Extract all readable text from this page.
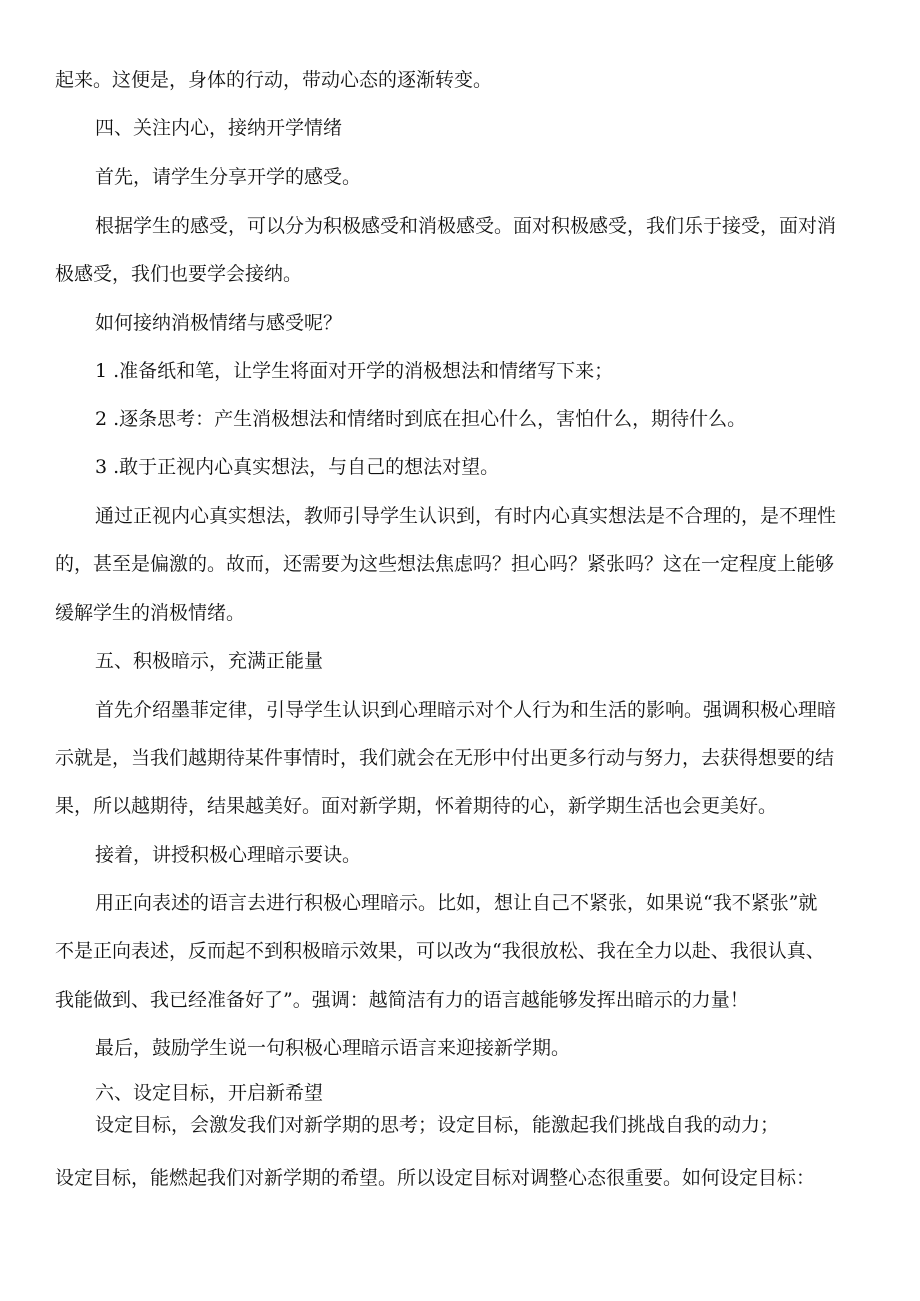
起来。这便是，身体的行动，带动心态的逐渐转变。

四、关注内心，接纳开学情绪

首先，请学生分享开学的感受。

根据学生的感受，可以分为积极感受和消极感受。面对积极感受，我们乐于接受，面对消

极感受，我们也要学会接纳。

如何接纳消极情绪与感受呢？

1 .准备纸和笔，让学生将面对开学的消极想法和情绪写下来；

2 .逐条思考：产生消极想法和情绪时到底在担心什么，害怕什么，期待什么。

3 .敢于正视内心真实想法，与自己的想法对望。

通过正视内心真实想法，教师引导学生认识到，有时内心真实想法是不合理的，是不理性

的，甚至是偏激的。故而，还需要为这些想法焦虑吗？担心吗？紧张吗？这在一定程度上能够

缓解学生的消极情绪。

五、积极暗示，充满正能量

首先介绍墨菲定律，引导学生认识到心理暗示对个人行为和生活的影响。强调积极心理暗

示就是，当我们越期待某件事情时，我们就会在无形中付出更多行动与努力，去获得想要的结

果，所以越期待，结果越美好。面对新学期，怀着期待的心，新学期生活也会更美好。

接着，讲授积极心理暗示要诀。

用正向表述的语言去进行积极心理暗示。比如，想让自己不紧张，如果说“我不紧张”就

不是正向表述，反而起不到积极暗示效果，可以改为“我很放松、我在全力以赴、我很认真、

我能做到、我已经准备好了”。强调：越简洁有力的语言越能够发挥出暗示的力量！

最后，鼓励学生说一句积极心理暗示语言来迎接新学期。

六、设定目标，开启新希望

设定目标，会激发我们对新学期的思考；设定目标，能激起我们挑战自我的动力；

设定目标，能燃起我们对新学期的希望。所以设定目标对调整心态很重要。如何设定目标：
